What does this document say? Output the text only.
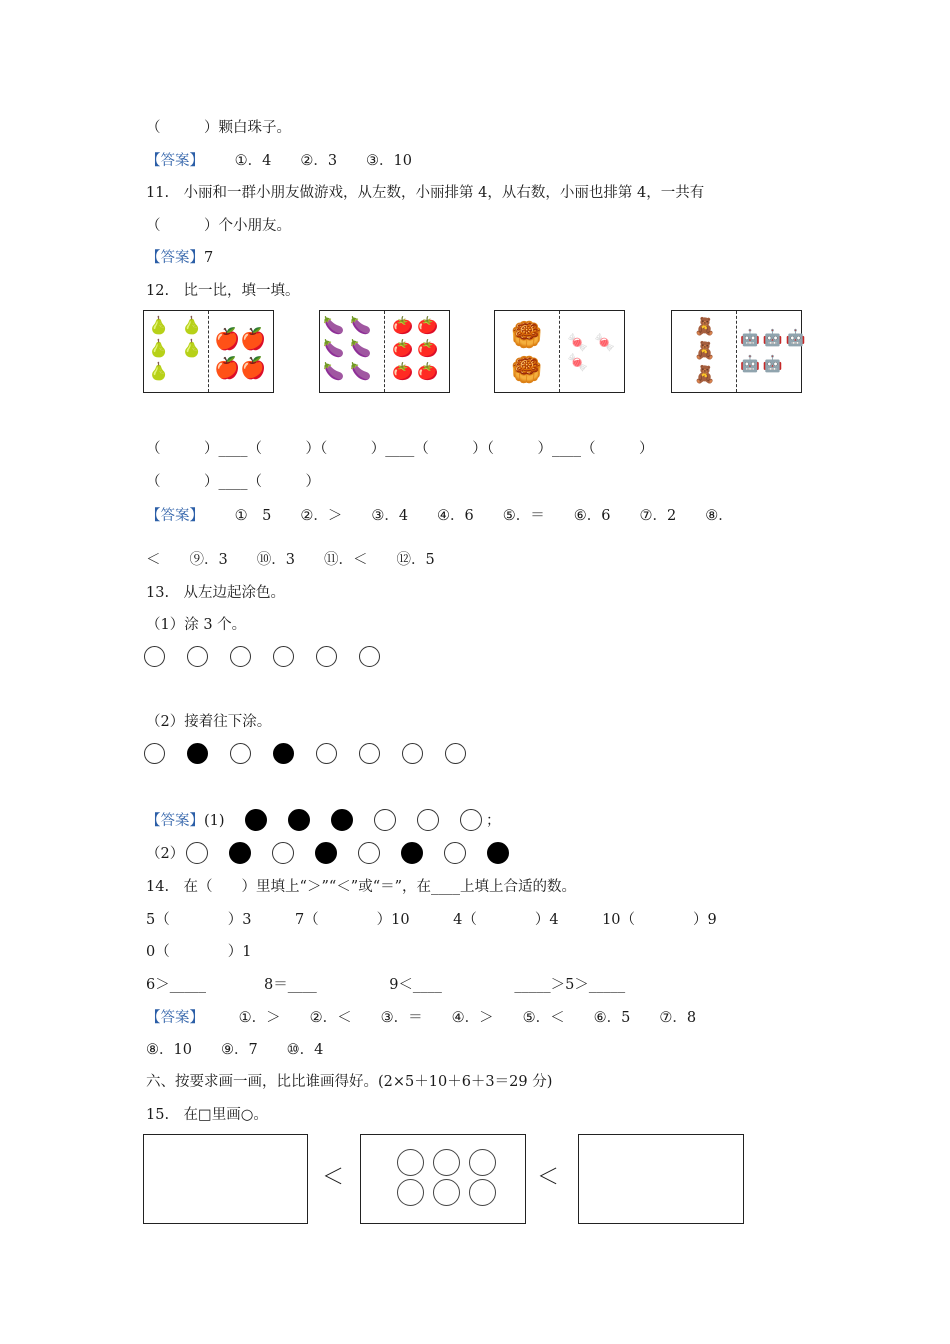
（　　　）颗白珠子。
【答案】 ①．4　　②．3　　③．10
11.　小丽和一群小朋友做游戏，从左数，小丽排第 4，从右数，小丽也排第 4，一共有
（　　　）个小朋友。
【答案】7
12.　比一比，填一填。
🍐 🍐
🍐 🍐
🍐
🍎🍎
🍎🍎
🍆 🍆
🍆 🍆
🍆 🍆
🍅 🍅
🍅 🍅
🍅 🍅
🥮
🥮
🍬 🍬
🍬
🧸
🧸
🧸
🤖 🤖 🤖
🤖 🤖
（　　　）____（　　　）（　　　）____（　　　）（　　　）____（　　　）
（　　　）____（　　　）
【答案】 ①　5　　②．＞　　③．4　　④．6　　⑤．＝　　⑥．6　　⑦．2　　⑧．
＜　　⑨．3　　⑩．3　　⑪．＜　　⑫．5
13.　从左边起涂色。
（1）涂 3 个。
（2）接着往下涂。
【答案】(1)	；
（2）
14.　在（　　）里填上“＞”“＜”或“＝”，在____上填上合适的数。
5（　　　　）3　　　7（　　　　）10　　　4（　　　　）4　　　10（　　　　）9
0（　　　　）1
6＞_____　　　　8＝____　　　　　9＜____　　　　　_____＞5＞_____
【答案】 ①．＞　　②．＜　　③．＝　　④．＞　　⑤．＜　　⑥．5　　⑦．8
⑧．10　　⑨．7　　⑩．4
六、按要求画一画，比比谁画得好。(2×5＋10＋6＋3＝29 分)
15.　在□里画○。
＜	＜
